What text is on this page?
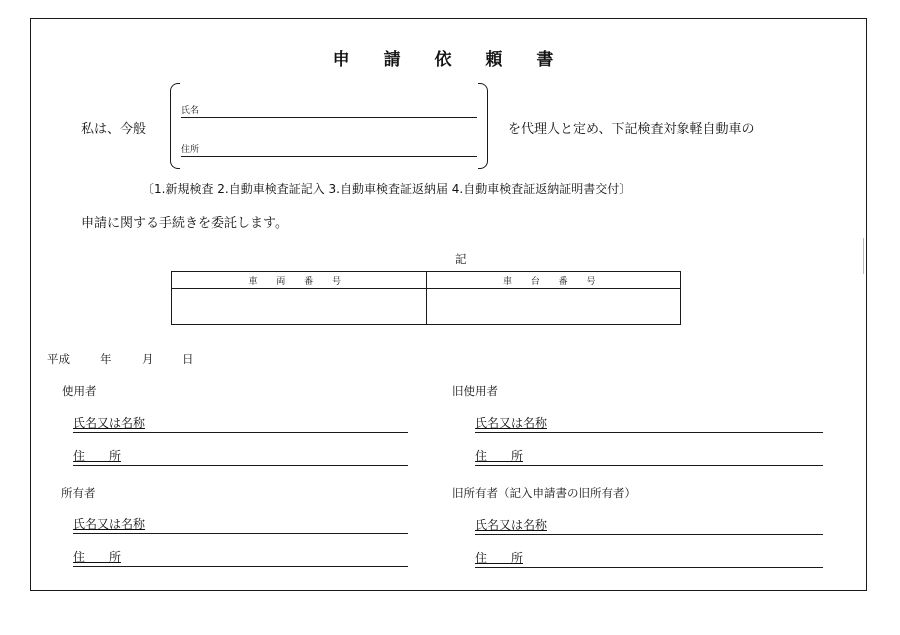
申 請 依 頼 書
私は、今般
氏名
住所
を代理人と定め、下記検査対象軽自動車の
〔1.新規検査 2.自動車検査証記入 3.自動車検査証返納届 4.自動車検査証返納証明書交付〕
申請に関する手続きを委託します。
記
車 両 番 号	車 台 番 号

平成	年	月 日
使用者
氏名又は名称
住　　所
旧使用者
氏名又は名称
住　　所
所有者
氏名又は名称
住　　所
旧所有者（記入申請書の旧所有者）
氏名又は名称
住　　所
